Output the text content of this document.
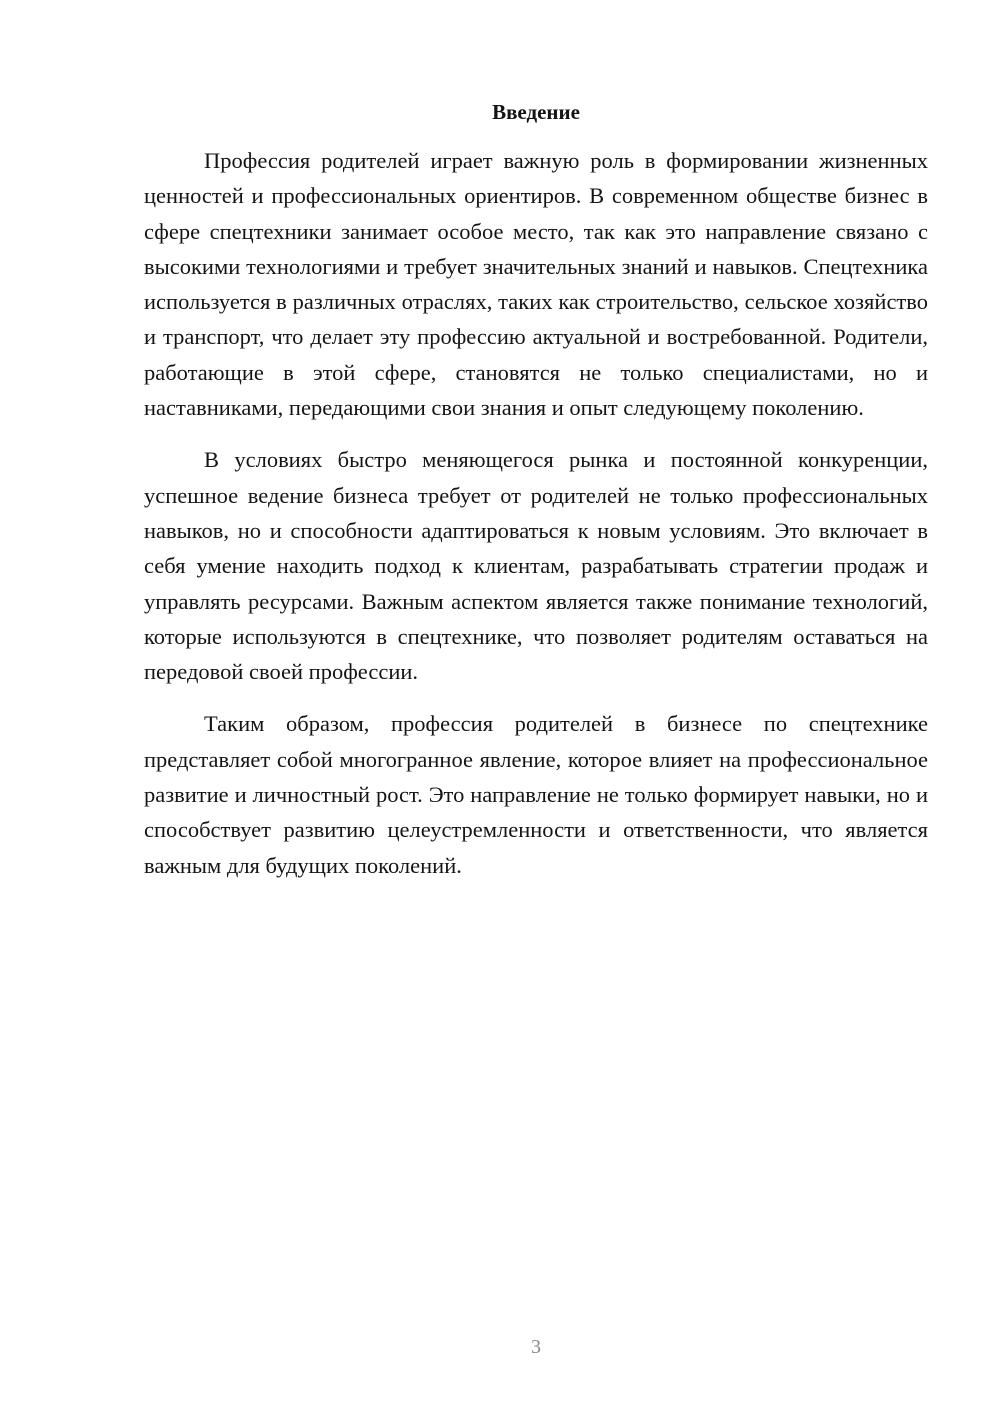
Введение

Профессия родителей играет важную роль в формировании жизненных ценностей и профессиональных ориентиров. В современном обществе бизнес в сфере спецтехники занимает особое место, так как это направление связано с высокими технологиями и требует значительных знаний и навыков. Спецтехника используется в различных отраслях, таких как строительство, сельское хозяйство и транспорт, что делает эту профессию актуальной и востребованной. Родители, работающие в этой сфере, становятся не только специалистами, но и наставниками, передающими свои знания и опыт следующему поколению.

В условиях быстро меняющегося рынка и постоянной конкуренции, успешное ведение бизнеса требует от родителей не только профессиональных навыков, но и способности адаптироваться к новым условиям. Это включает в себя умение находить подход к клиентам, разрабатывать стратегии продаж и управлять ресурсами. Важным аспектом является также понимание технологий, которые используются в спецтехнике, что позволяет родителям оставаться на передовой своей профессии.

Таким образом, профессия родителей в бизнесе по спецтехнике представляет собой многогранное явление, которое влияет на профессиональное развитие и личностный рост. Это направление не только формирует навыки, но и способствует развитию целеустремленности и ответственности, что является важным для будущих поколений.

3
